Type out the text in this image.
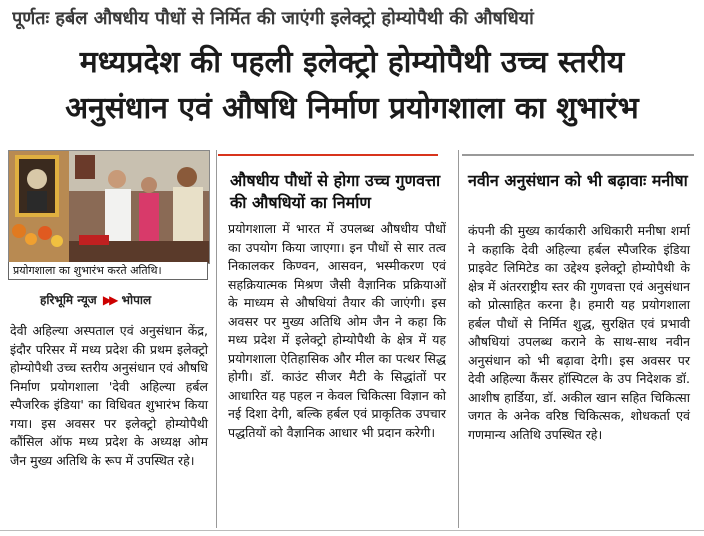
पूर्णतः हर्बल औषधीय पौधों से निर्मित की जाएंगी इलेक्ट्रो होम्योपैथी की औषधियां
मध्यप्रदेश की पहली इलेक्ट्रो होम्योपैथी उच्च स्तरीय
अनुसंधान एवं औषधि निर्माण प्रयोगशाला का शुभारंभ
प्रयोगशाला का शुभारंभ करते अतिथि।
हरिभूमि न्यूज ▶▶ भोपाल
देवी अहिल्या अस्पताल एवं अनुसंधान केंद्र, इंदौर परिसर में मध्य प्रदेश की प्रथम इलेक्ट्रो होम्योपैथी उच्च स्तरीय अनुसंधान एवं औषधि निर्माण प्रयोगशाला 'देवी अहिल्या हर्बल स्पैजरिक इंडिया' का विधिवत शुभारंभ किया गया। इस अवसर पर इलेक्ट्रो होम्योपैथी कौंसिल ऑफ मध्य प्रदेश के अध्यक्ष ओम जैन मुख्य अतिथि के रूप में उपस्थित रहे।
औषधीय पौधों से होगा उच्च गुणवत्ता की औषधियों का निर्माण
प्रयोगशाला में भारत में उपलब्ध औषधीय पौधों का उपयोग किया जाएगा। इन पौधों से सार तत्व निकालकर किण्वन, आसवन, भस्मीकरण एवं सहक्रियात्मक मिश्रण जैसी वैज्ञानिक प्रक्रियाओं के माध्यम से औषधियां तैयार की जाएंगी। इस अवसर पर मुख्य अतिथि ओम जैन ने कहा कि मध्य प्रदेश में इलेक्ट्रो होम्योपैथी के क्षेत्र में यह प्रयोगशाला ऐतिहासिक और मील का पत्थर सिद्ध होगी। डॉ. काउंट सीजर मैटी के सिद्धांतों पर आधारित यह पहल न केवल चिकित्सा विज्ञान को नई दिशा देगी, बल्कि हर्बल एवं प्राकृतिक उपचार पद्धतियों को वैज्ञानिक आधार भी प्रदान करेगी।
नवीन अनुसंधान को भी बढ़ावाः मनीषा
कंपनी की मुख्य कार्यकारी अधिकारी मनीषा शर्मा ने कहाकि देवी अहिल्या हर्बल स्पैजरिक इंडिया प्राइवेट लिमिटेड का उद्देश्य इलेक्ट्रो होम्योपैथी के क्षेत्र में अंतरराष्ट्रीय स्तर की गुणवत्ता एवं अनुसंधान को प्रोत्साहित करना है। हमारी यह प्रयोगशाला हर्बल पौधों से निर्मित शुद्ध, सुरक्षित एवं प्रभावी औषधियां उपलब्ध कराने के साथ-साथ नवीन अनुसंधान को भी बढ़ावा देगी। इस अवसर पर देवी अहिल्या कैंसर हॉस्पिटल के उप निदेशक डॉ. आशीष हार्डिया, डॉ. अकील खान सहित चिकित्सा जगत के अनेक वरिष्ठ चिकित्सक, शोधकर्ता एवं गणमान्य अतिथि उपस्थित रहे।
